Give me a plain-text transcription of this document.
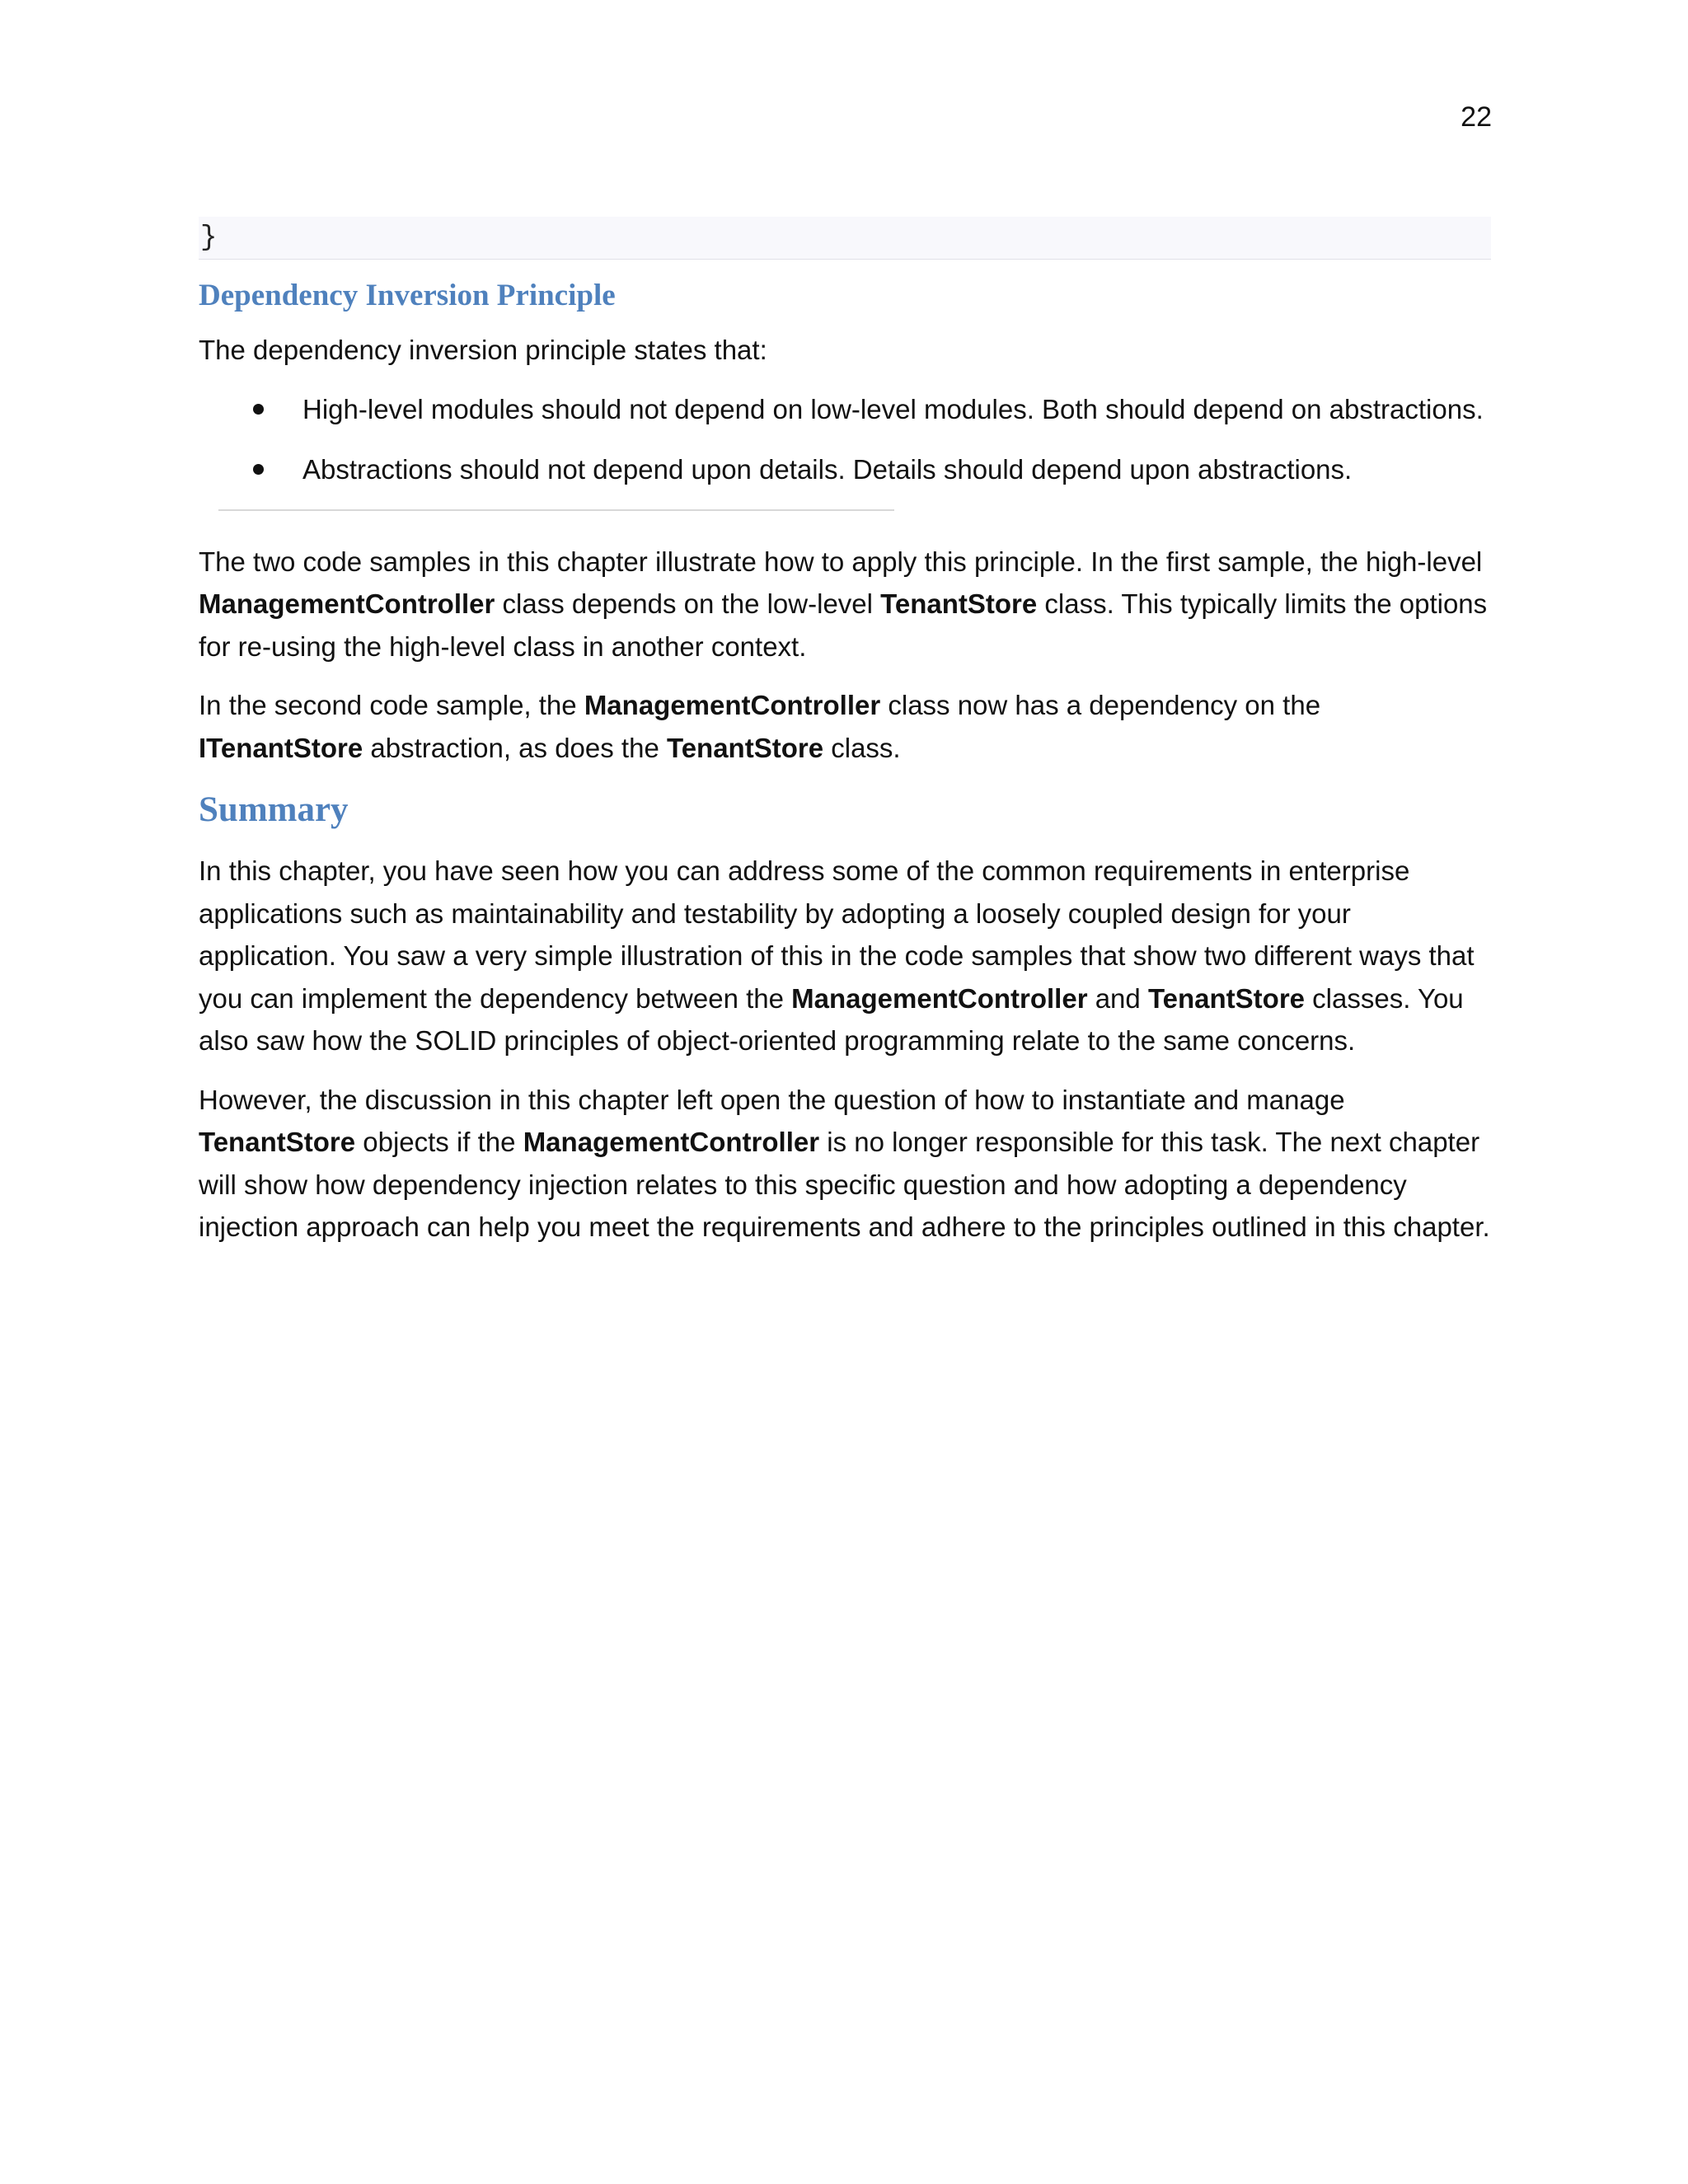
22
}
Dependency Inversion Principle

The dependency inversion principle states that:

High-level modules should not depend on low-level modules. Both should depend on abstractions.
Abstractions should not depend upon details. Details should depend upon abstractions.

The two code samples in this chapter illustrate how to apply this principle. In the first sample, the high-level ManagementController class depends on the low-level TenantStore class. This typically limits the options for re-using the high-level class in another context.

In the second code sample, the ManagementController class now has a dependency on the ITenantStore abstraction, as does the TenantStore class.

Summary

In this chapter, you have seen how you can address some of the common requirements in enterprise applications such as maintainability and testability by adopting a loosely coupled design for your application. You saw a very simple illustration of this in the code samples that show two different ways that you can implement the dependency between the ManagementController and TenantStore classes. You also saw how the SOLID principles of object-oriented programming relate to the same concerns.

However, the discussion in this chapter left open the question of how to instantiate and manage TenantStore objects if the ManagementController is no longer responsible for this task. The next chapter will show how dependency injection relates to this specific question and how adopting a dependency injection approach can help you meet the requirements and adhere to the principles outlined in this chapter.
